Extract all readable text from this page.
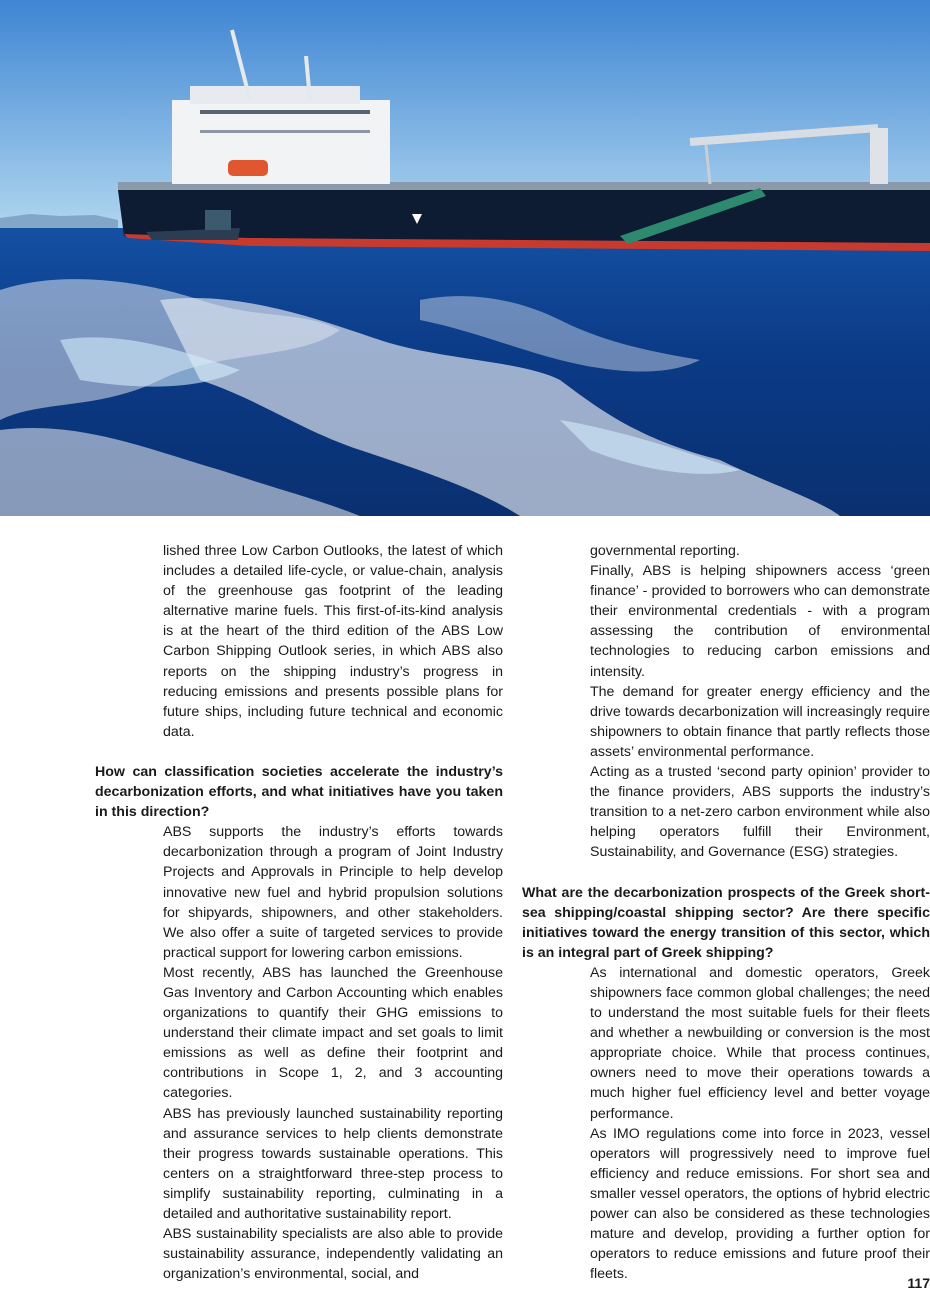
lished three Low Carbon Outlooks, the latest of which includes a detailed life-cycle, or value-chain, analysis of the greenhouse gas footprint of the leading alternative marine fuels. This first-of-its-kind analysis is at the heart of the third edition of the ABS Low Carbon Shipping Outlook series, in which ABS also reports on the shipping industry’s progress in reducing emissions and presents possible plans for future ships, including future technical and economic data.

How can classification societies accelerate the industry’s decarbonization efforts, and what initiatives have you taken in this direction?

ABS supports the industry’s efforts towards decarbonization through a program of Joint Industry Projects and Approvals in Principle to help develop innovative new fuel and hybrid propulsion solutions for shipyards, shipowners, and other stakeholders. We also offer a suite of targeted services to provide practical support for lowering carbon emissions.

Most recently, ABS has launched the Greenhouse Gas Inventory and Carbon Accounting which enables organizations to quantify their GHG emissions to understand their climate impact and set goals to limit emissions as well as define their footprint and contributions in Scope 1, 2, and 3 accounting categories.

ABS has previously launched sustainability reporting and assurance services to help clients demonstrate their progress towards sustainable operations. This centers on a straightforward three-step process to simplify sustainability reporting, culminating in a detailed and authoritative sustainability report.

ABS sustainability specialists are also able to provide sustainability assurance, independently validating an organization’s environmental, social, and

governmental reporting.

Finally, ABS is helping shipowners access ‘green finance’ - provided to borrowers who can demonstrate their environmental credentials - with a program assessing the contribution of environmental technologies to reducing carbon emissions and intensity.

The demand for greater energy efficiency and the drive towards decarbonization will increasingly require shipowners to obtain finance that partly reflects those assets’ environmental performance.

Acting as a trusted ‘second party opinion’ provider to the finance providers, ABS supports the industry’s transition to a net-zero carbon environment while also helping operators fulfill their Environment, Sustainability, and Governance (ESG) strategies.

What are the decarbonization prospects of the Greek short-sea shipping/coastal shipping sector? Are there specific initiatives toward the energy transition of this sector, which is an integral part of Greek shipping?

As international and domestic operators, Greek shipowners face common global challenges; the need to understand the most suitable fuels for their fleets and whether a newbuilding or conversion is the most appropriate choice. While that process continues, owners need to move their operations towards a much higher fuel efficiency level and better voyage performance.

As IMO regulations come into force in 2023, vessel operators will progressively need to improve fuel efficiency and reduce emissions. For short sea and smaller vessel operators, the options of hybrid electric power can also be considered as these technologies mature and develop, providing a further option for operators to reduce emissions and future proof their fleets.

117
